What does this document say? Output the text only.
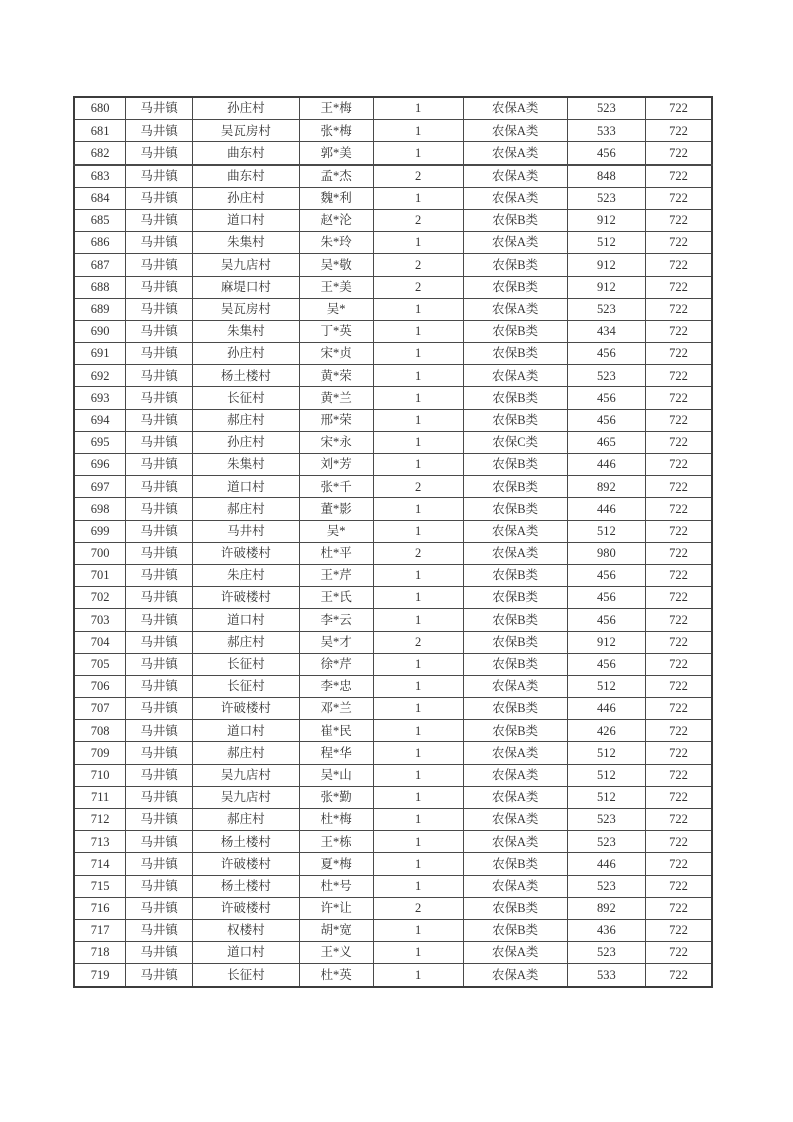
680	马井镇	孙庄村	王*梅	1	农保A类	523	722
681	马井镇	吴瓦房村	张*梅	1	农保A类	533	722
682	马井镇	曲东村	郭*美	1	农保A类	456	722
683	马井镇	曲东村	孟*杰	2	农保A类	848	722
684	马井镇	孙庄村	魏*利	1	农保A类	523	722
685	马井镇	道口村	赵*沦	2	农保B类	912	722
686	马井镇	朱集村	朱*玲	1	农保A类	512	722
687	马井镇	吴九店村	吴*敬	2	农保B类	912	722
688	马井镇	麻堤口村	王*美	2	农保B类	912	722
689	马井镇	吴瓦房村	吴*	1	农保A类	523	722
690	马井镇	朱集村	丁*英	1	农保B类	434	722
691	马井镇	孙庄村	宋*贞	1	农保B类	456	722
692	马井镇	杨土楼村	黄*荣	1	农保A类	523	722
693	马井镇	长征村	黄*兰	1	农保B类	456	722
694	马井镇	郝庄村	邢*荣	1	农保B类	456	722
695	马井镇	孙庄村	宋*永	1	农保C类	465	722
696	马井镇	朱集村	刘*芳	1	农保B类	446	722
697	马井镇	道口村	张*千	2	农保B类	892	722
698	马井镇	郝庄村	董*影	1	农保B类	446	722
699	马井镇	马井村	吴*	1	农保A类	512	722
700	马井镇	许破楼村	杜*平	2	农保A类	980	722
701	马井镇	朱庄村	王*芹	1	农保B类	456	722
702	马井镇	许破楼村	王*氏	1	农保B类	456	722
703	马井镇	道口村	李*云	1	农保B类	456	722
704	马井镇	郝庄村	吴*才	2	农保B类	912	722
705	马井镇	长征村	徐*芹	1	农保B类	456	722
706	马井镇	长征村	李*忠	1	农保A类	512	722
707	马井镇	许破楼村	邓*兰	1	农保B类	446	722
708	马井镇	道口村	崔*民	1	农保B类	426	722
709	马井镇	郝庄村	程*华	1	农保A类	512	722
710	马井镇	吴九店村	吴*山	1	农保A类	512	722
711	马井镇	吴九店村	张*勤	1	农保A类	512	722
712	马井镇	郝庄村	杜*梅	1	农保A类	523	722
713	马井镇	杨土楼村	王*栋	1	农保A类	523	722
714	马井镇	许破楼村	夏*梅	1	农保B类	446	722
715	马井镇	杨土楼村	杜*号	1	农保A类	523	722
716	马井镇	许破楼村	许*让	2	农保B类	892	722
717	马井镇	权楼村	胡*宽	1	农保B类	436	722
718	马井镇	道口村	王*义	1	农保A类	523	722
719	马井镇	长征村	杜*英	1	农保A类	533	722
